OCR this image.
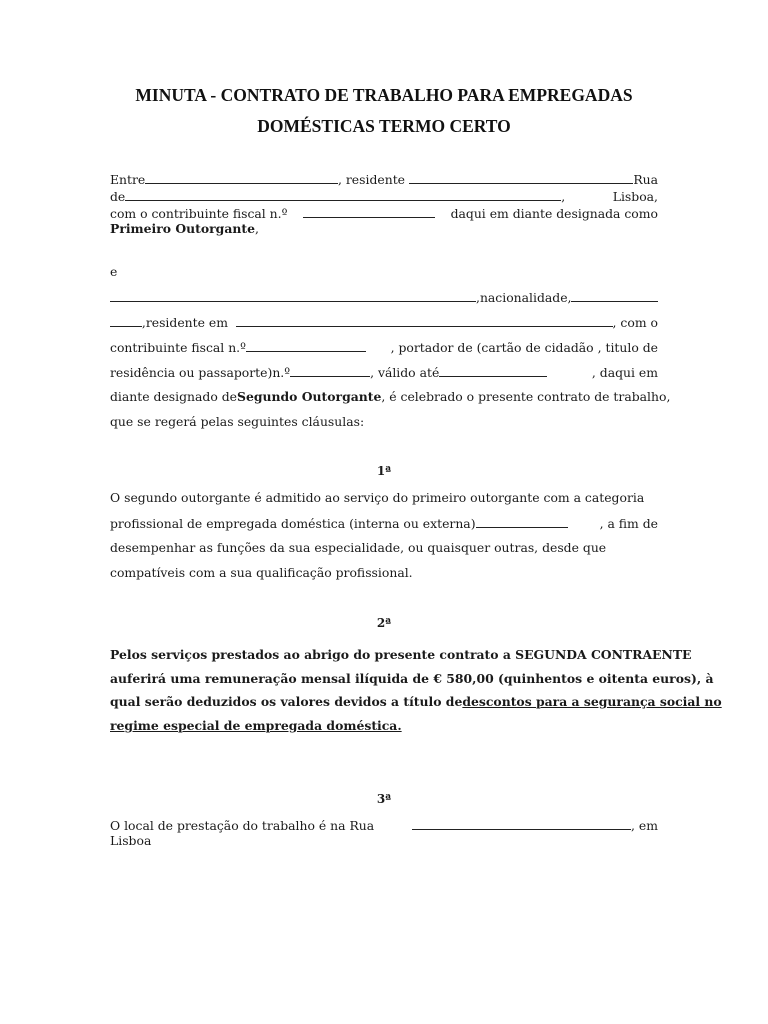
MINUTA - CONTRATO DE TRABALHO PARA EMPREGADAS
DOMÉSTICAS TERMO CERTO
Entre	, residente	Rua
de	,	Lisboa,
com o contribuinte fiscal n.º	daqui em diante designada como
Primeiro Outorgante ,
e
,nacionalidade,
,residente em	, com o
contribuinte fiscal n.º	, portador de (cartão de cidadão , titulo de
residência ou passaporte)n.º	, válido até	, daqui em
diante designado de Segundo Outorgante , é celebrado o presente contrato de trabalho,
que se regerá pelas seguintes cláusulas:
1ª
O segundo outorgante é admitido ao serviço do primeiro outorgante com a categoria
profissional de empregada doméstica (interna ou externa)	, a fim de
desempenhar as funções da sua especialidade, ou quaisquer outras, desde que
compatíveis com a sua qualificação profissional.
2ª
Pelos serviços prestados ao abrigo do presente contrato a SEGUNDA CONTRAENTE
auferirá uma remuneração mensal ilíquida de € 580,00 (quinhentos e oitenta euros), à
qual serão deduzidos os valores devidos a título de descontos para a segurança social no
regime especial de empregada doméstica.
3ª
O local de prestação do trabalho é na Rua	, em
Lisboa
